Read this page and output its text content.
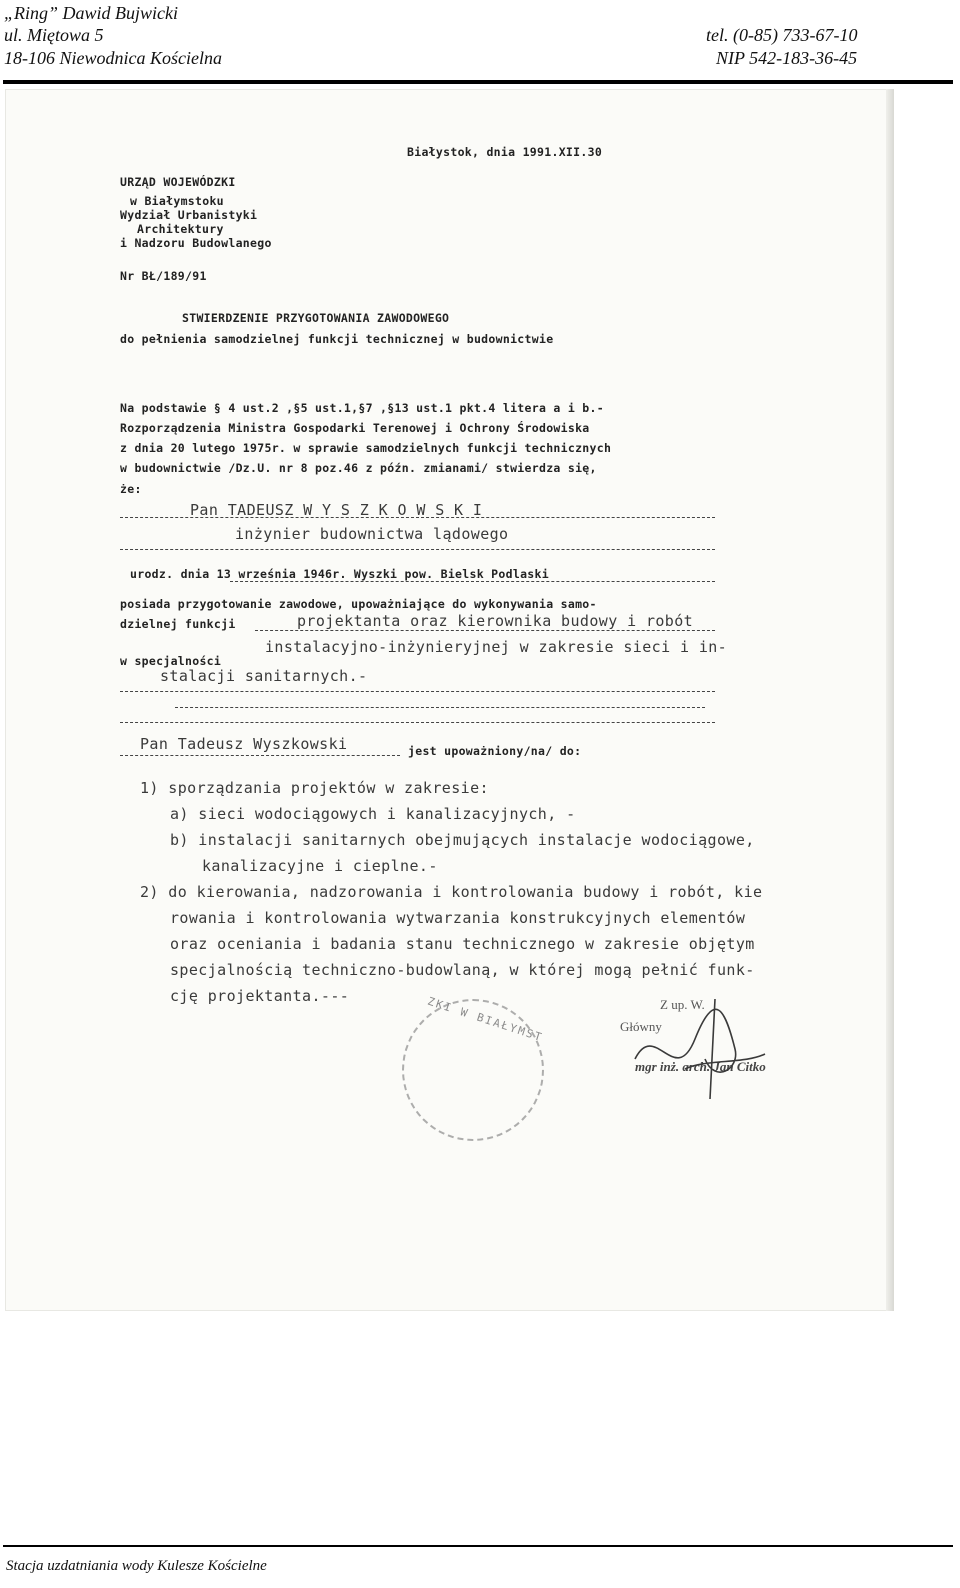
„Ring” Dawid Bujwicki
ul. Miętowa 5
18-106 Niewodnica Kościelna
tel. (0-85) 733-67-10
NIP 542-183-36-45
Białystok, dnia 1991.XII.30
URZĄD WOJEWÓDZKI
w Białymstoku
Wydział Urbanistyki
Architektury
i Nadzoru Budowlanego
Nr BŁ/189/91
STWIERDZENIE PRZYGOTOWANIA ZAWODOWEGO
do pełnienia samodzielnej funkcji technicznej w budownictwie
Na podstawie § 4 ust.2 ,§5 ust.1,§7 ,§13 ust.1 pkt.4 litera a i b.-
Rozporządzenia Ministra Gospodarki Terenowej i Ochrony Środowiska
z dnia 20 lutego 1975r. w sprawie samodzielnych funkcji technicznych
w budownictwie /Dz.U. nr 8 poz.46 z późn. zmianami/ stwierdza się,
że:
Pan TADEUSZ W Y S Z K O W S K I
inżynier budownictwa lądowego
urodz. dnia 13 września 1946r. Wyszki pow. Bielsk Podlaski
posiada przygotowanie zawodowe, upoważniające do wykonywania samo-
dzielnej funkcji	projektanta oraz kierownika budowy i robót
instalacyjno-inżynieryjnej w zakresie sieci i in-
w specjalności
stalacji sanitarnych.-
Pan Tadeusz Wyszkowski	jest upoważniony/na/ do:
1) sporządzania projektów w zakresie:
a) sieci wodociągowych i kanalizacyjnych, -
b) instalacji sanitarnych obejmujących instalacje wodociągowe,
kanalizacyjne i cieplne.-
2) do kierowania, nadzorowania i kontrolowania budowy i robót, kie
rowania i kontrolowania wytwarzania konstrukcyjnych elementów
oraz oceniania i badania stanu technicznego w zakresie objętym
specjalnością techniczno-budowlaną, w której mogą pełnić funk-
cję projektanta.---	ZKI W BIAŁYMST	Z up. W.
Główny
mgr inż. arch. Jan Citko
Stacja uzdatniania wody Kulesze Kościelne
